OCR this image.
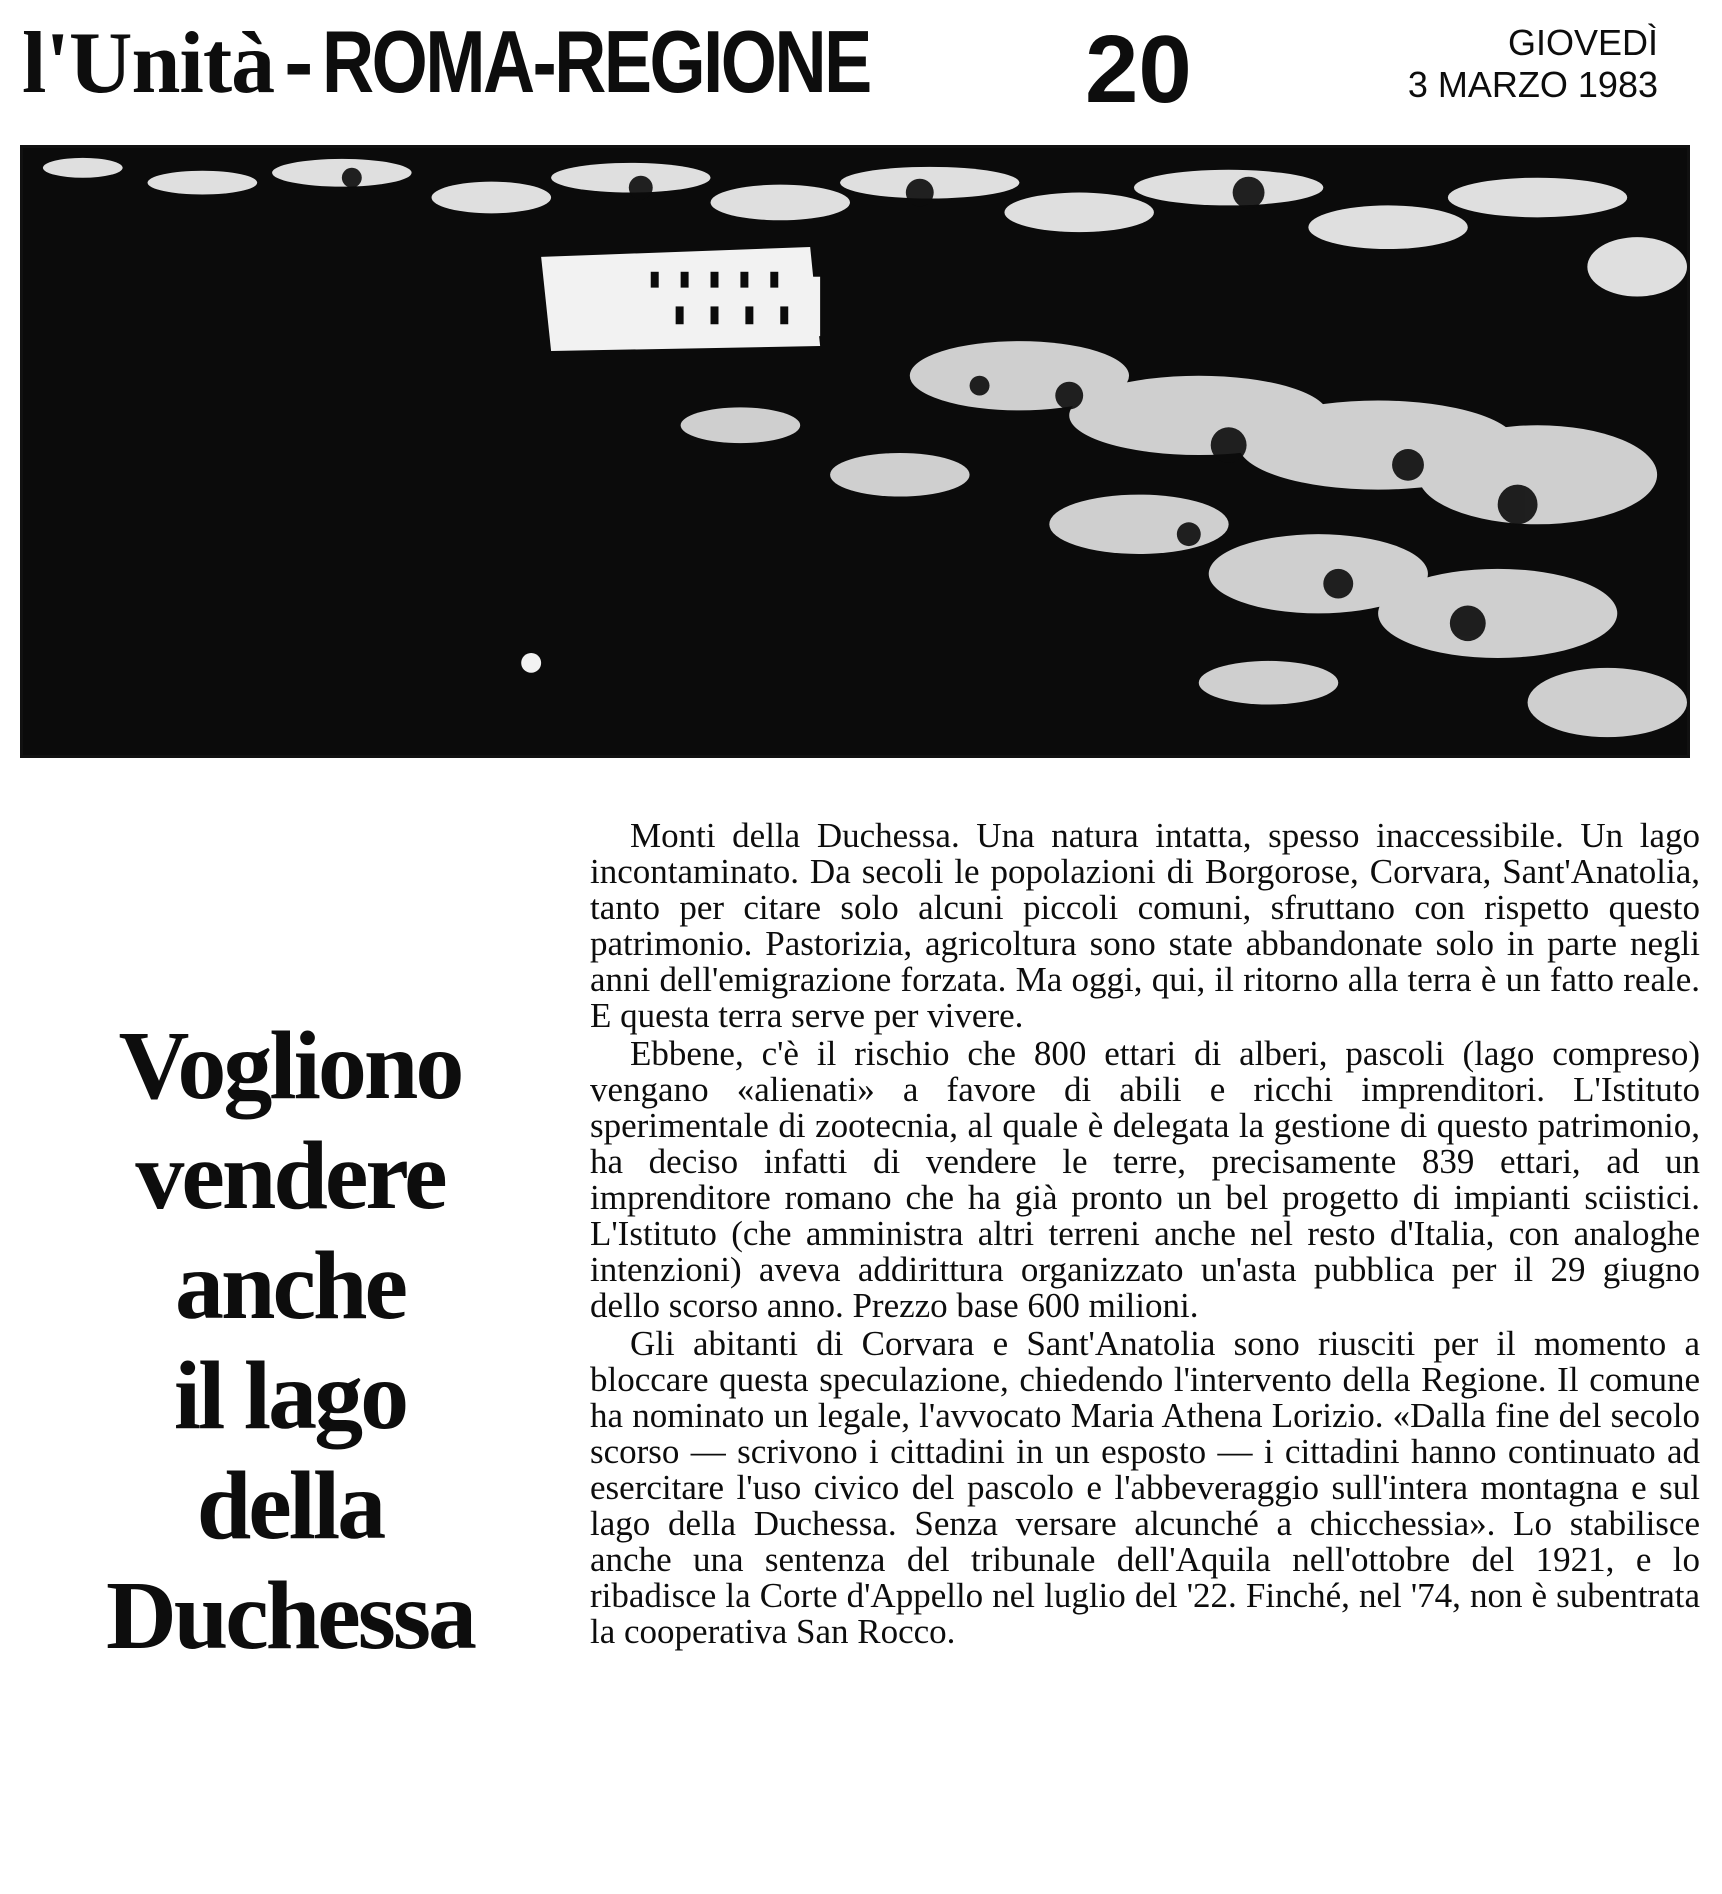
l'Unità - ROMA-REGIONE	20	GIOVEDÌ
3 MARZO 1983
Vogliono
vendere
anche
il lago
della
Duchessa

Monti della Duchessa. Una natura intatta, spesso inaccessibile. Un lago incontaminato. Da secoli le popolazioni di Borgorose, Corvara, Sant'Anatolia, tanto per citare solo alcuni piccoli comuni, sfruttano con rispetto questo patrimonio. Pastorizia, agricoltura sono state abbandonate solo in parte negli anni dell'emigrazione forzata. Ma oggi, qui, il ritorno alla terra è un fatto reale. E questa terra serve per vivere.

Ebbene, c'è il rischio che 800 ettari di alberi, pascoli (lago compreso) vengano «alienati» a favore di abili e ricchi imprenditori. L'Istituto sperimentale di zootecnia, al quale è delegata la gestione di questo patrimonio, ha deciso infatti di vendere le terre, precisamente 839 ettari, ad un imprenditore romano che ha già pronto un bel progetto di impianti sciistici. L'Istituto (che amministra altri terreni anche nel resto d'Italia, con analoghe intenzioni) aveva addirittura organizzato un'asta pubblica per il 29 giugno dello scorso anno. Prezzo base 600 milioni.

Gli abitanti di Corvara e Sant'Anatolia sono riusciti per il momento a bloccare questa speculazione, chiedendo l'intervento della Regione. Il comune ha nominato un legale, l'avvocato Maria Athena Lorizio. «Dalla fine del secolo scorso — scrivono i cittadini in un esposto — i cittadini hanno continuato ad esercitare l'uso civico del pascolo e l'abbeveraggio sull'intera montagna e sul lago della Duchessa. Senza versare alcunché a chicchessia». Lo stabilisce anche una sentenza del tribunale dell'Aquila nell'ottobre del 1921, e lo ribadisce la Corte d'Appello nel luglio del '22. Finché, nel '74, non è subentrata la cooperativa San Rocco.
